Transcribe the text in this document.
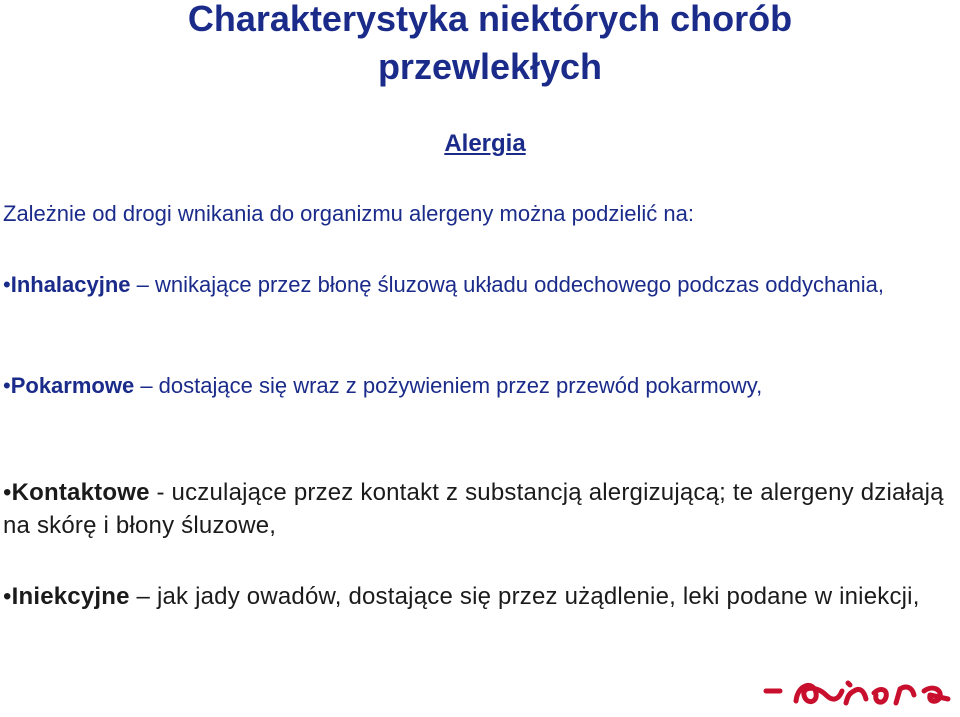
Charakterystyka niektórych chorób
przewlekłych
Alergia
Zależnie od drogi wnikania do organizmu alergeny można podzielić na:
•Inhalacyjne – wnikające przez błonę śluzową układu oddechowego podczas oddychania,
•Pokarmowe – dostające się wraz z pożywieniem przez przewód pokarmowy,
•Kontaktowe - uczulające przez kontakt z substancją alergizującą; te alergeny działają na skórę i błony śluzowe,
•Iniekcyjne – jak jady owadów, dostające się przez użądlenie, leki podane w iniekcji,
